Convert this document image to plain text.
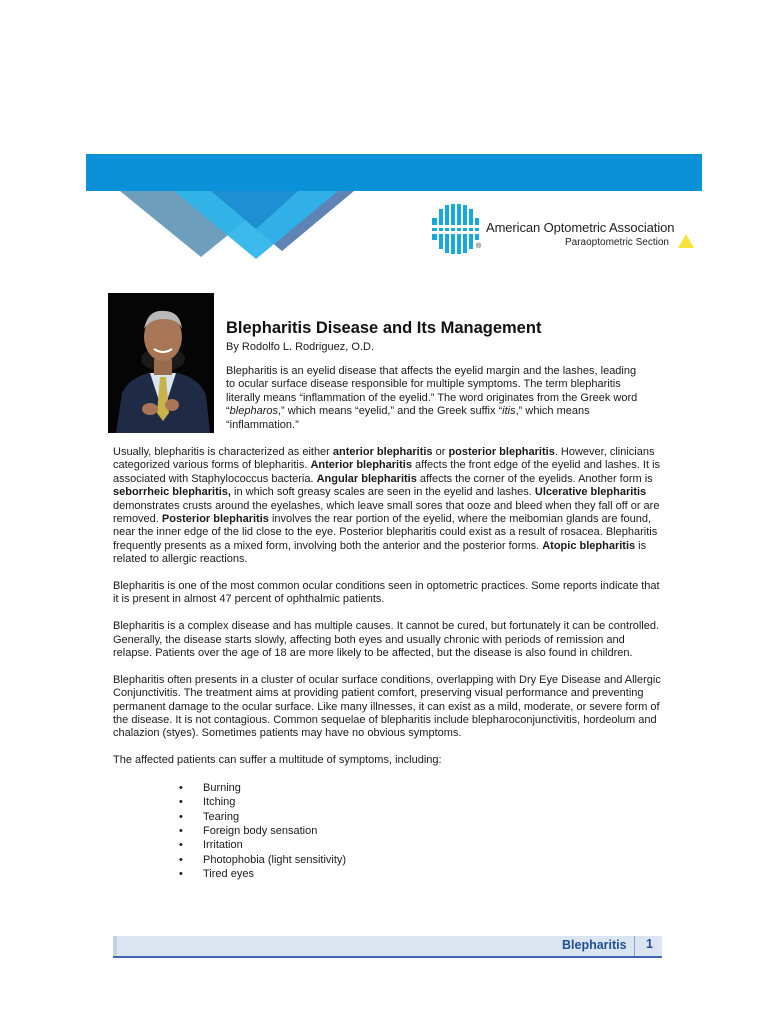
®
American Optometric Association
Paraoptometric Section
Blepharitis Disease and Its Management

By Rodolfo L. Rodriguez, O.D.

Blepharitis is an eyelid disease that affects the eyelid margin and the lashes, leading to ocular surface disease responsible for multiple symptoms. The term blepharitis literally means “inflammation of the eyelid.” The word originates from the Greek word “blepharos,” which means “eyelid,” and the Greek suffix “itis,” which means “inflammation.”

Usually, blepharitis is characterized as either anterior blepharitis or posterior blepharitis. However, clinicians categorized various forms of blepharitis. Anterior blepharitis affects the front edge of the eyelid and lashes. It is associated with Staphylococcus bacteria. Angular blepharitis affects the corner of the eyelids. Another form is seborrheic blepharitis, in which soft greasy scales are seen in the eyelid and lashes. Ulcerative blepharitis demonstrates crusts around the eyelashes, which leave small sores that ooze and bleed when they fall off or are removed. Posterior blepharitis involves the rear portion of the eyelid, where the meibomian glands are found, near the inner edge of the lid close to the eye. Posterior blepharitis could exist as a result of rosacea. Blepharitis frequently presents as a mixed form, involving both the anterior and the posterior forms. Atopic blepharitis is related to allergic reactions.

Blepharitis is one of the most common ocular conditions seen in optometric practices. Some reports indicate that it is present in almost 47 percent of ophthalmic patients.

Blepharitis is a complex disease and has multiple causes. It cannot be cured, but fortunately it can be controlled. Generally, the disease starts slowly, affecting both eyes and usually chronic with periods of remission and relapse. Patients over the age of 18 are more likely to be affected, but the disease is also found in children.

Blepharitis often presents in a cluster of ocular surface conditions, overlapping with Dry Eye Disease and Allergic Conjunctivitis. The treatment aims at providing patient comfort, preserving visual performance and preventing permanent damage to the ocular surface. Like many illnesses, it can exist as a mild, moderate, or severe form of the disease. It is not contagious. Common sequelae of blepharitis include blepharoconjunctivitis, hordeolum and chalazion (styes). Sometimes patients may have no obvious symptoms.

The affected patients can suffer a multitude of symptoms, including:

• Burning
• Itching
• Tearing
• Foreign body sensation
• Irritation
• Photophobia (light sensitivity)
• Tired eyes
Blepharitis 1
